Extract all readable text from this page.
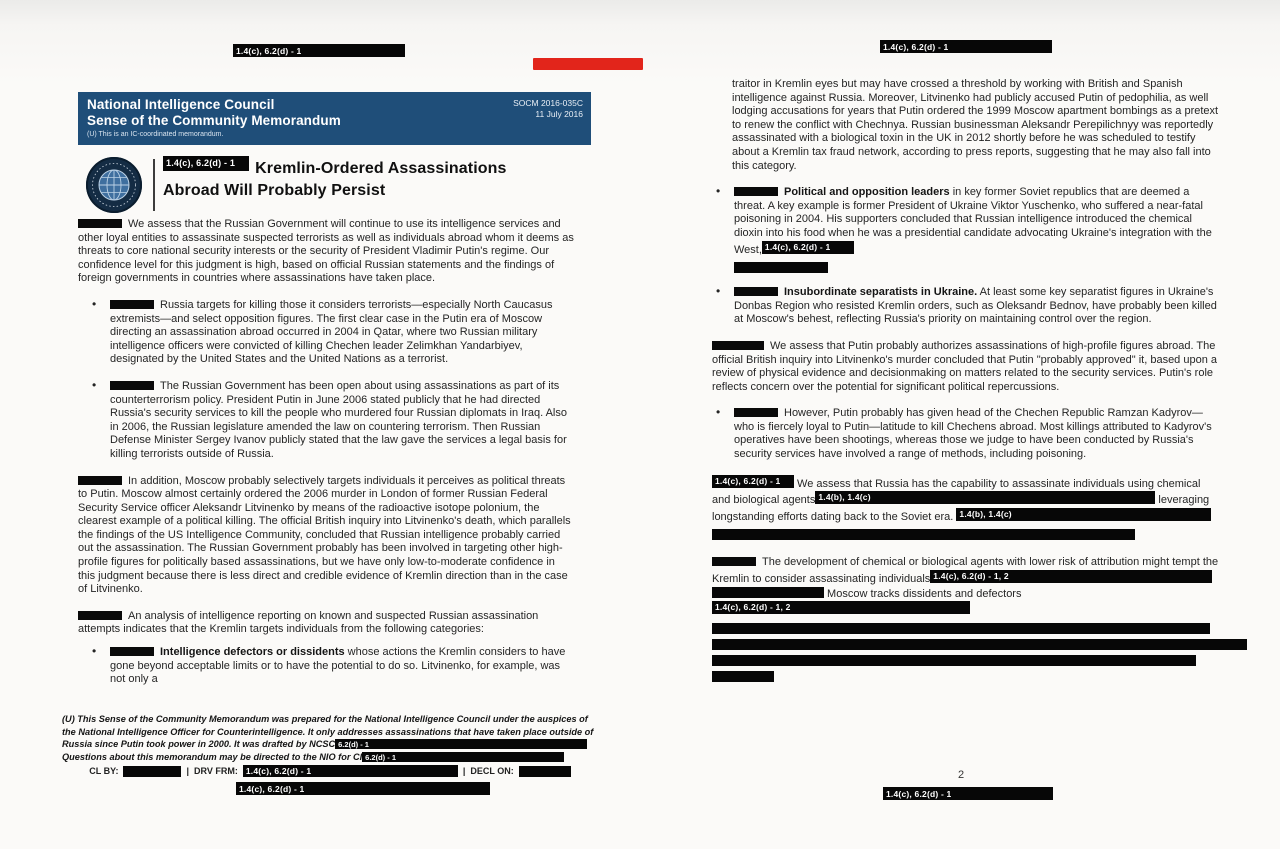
1.4(c), 6.2(d) - 1
National Intelligence Council
Sense of the Community Memorandum
(U) This is an IC-coordinated memorandum.
SOCM 2016-035C
11 July 2016
1.4(c), 6.2(d) - 1 Kremlin-Ordered Assassinations
Abroad Will Probably Persist

We assess that the Russian Government will continue to use its intelligence services and other loyal entities to assassinate suspected terrorists as well as individuals abroad whom it deems as threats to core national security interests or the security of President Vladimir Putin's regime. Our confidence level for this judgment is high, based on official Russian statements and the findings of foreign governments in countries where assassinations have taken place.

• Russia targets for killing those it considers terrorists—especially North Caucasus extremists—and select opposition figures. The first clear case in the Putin era of Moscow directing an assassination abroad occurred in 2004 in Qatar, where two Russian military intelligence officers were convicted of killing Chechen leader Zelimkhan Yandarbiyev, designated by the United States and the United Nations as a terrorist.
• The Russian Government has been open about using assassinations as part of its counterterrorism policy. President Putin in June 2006 stated publicly that he had directed Russia's security services to kill the people who murdered four Russian diplomats in Iraq. Also in 2006, the Russian legislature amended the law on countering terrorism. Then Russian Defense Minister Sergey Ivanov publicly stated that the law gave the services a legal basis for killing terrorists outside of Russia.

In addition, Moscow probably selectively targets individuals it perceives as political threats to Putin. Moscow almost certainly ordered the 2006 murder in London of former Russian Federal Security Service officer Aleksandr Litvinenko by means of the radioactive isotope polonium, the clearest example of a political killing. The official British inquiry into Litvinenko's death, which parallels the findings of the US Intelligence Community, concluded that Russian intelligence probably carried out the assassination. The Russian Government probably has been involved in targeting other high-profile figures for politically based assassinations, but we have only low-to-moderate confidence in this judgment because there is less direct and credible evidence of Kremlin direction than in the case of Litvinenko.

An analysis of intelligence reporting on known and suspected Russian assassination attempts indicates that the Kremlin targets individuals from the following categories:

• Intelligence defectors or dissidents whose actions the Kremlin considers to have gone beyond acceptable limits or to have the potential to do so. Litvinenko, for example, was not only a
(U) This Sense of the Community Memorandum was prepared for the National Intelligence Council under the auspices of the National Intelligence Officer for Counterintelligence. It only addresses assassinations that have taken place outside of Russia since Putin took power in 2000. It was drafted by NCSC 6.2(d) - 1 Questions about this memorandum may be directed to the NIO for CI 6.2(d) - 1
CL BY:	| DRV FRM: 1.4(c), 6.2(d) - 1	| DECL ON:
1.4(c), 6.2(d) - 1
1.4(c), 6.2(d) - 1

traitor in Kremlin eyes but may have crossed a threshold by working with British and Spanish intelligence against Russia. Moreover, Litvinenko had publicly accused Putin of pedophilia, as well lodging accusations for years that Putin ordered the 1999 Moscow apartment bombings as a pretext to renew the conflict with Chechnya. Russian businessman Aleksandr Perepilichnyy was reportedly assassinated with a biological toxin in the UK in 2012 shortly before he was scheduled to testify about a Kremlin tax fraud network, according to press reports, suggesting that he may also fall into this category.

• Political and opposition leaders in key former Soviet republics that are deemed a threat. A key example is former President of Ukraine Viktor Yuschenko, who suffered a near-fatal poisoning in 2004. His supporters concluded that Russian intelligence introduced the chemical dioxin into his food when he was a presidential candidate advocating Ukraine's integration with the West, 1.4(c), 6.2(d) - 1
• Insubordinate separatists in Ukraine. At least some key separatist figures in Ukraine's Donbas Region who resisted Kremlin orders, such as Oleksandr Bednov, have probably been killed at Moscow's behest, reflecting Russia's priority on maintaining control over the region.

We assess that Putin probably authorizes assassinations of high-profile figures abroad. The official British inquiry into Litvinenko's murder concluded that Putin "probably approved" it, based upon a review of physical evidence and decisionmaking on matters related to the security services. Putin's role reflects concern over the potential for significant political repercussions.

• However, Putin probably has given head of the Chechen Republic Ramzan Kadyrov—who is fiercely loyal to Putin—latitude to kill Chechens abroad. Most killings attributed to Kadyrov's operatives have been shootings, whereas those we judge to have been conducted by Russia's security services have involved a range of methods, including poisoning.

1.4(c), 6.2(d) - 1 We assess that Russia has the capability to assassinate individuals using chemical and biological agents 1.4(b), 1.4(c)	leveraging longstanding efforts dating back to the Soviet era. 1.4(b), 1.4(c)

The development of chemical or biological agents with lower risk of attribution might tempt the Kremlin to consider assassinating individuals 1.4(c), 6.2(d) - 1, 2  Moscow tracks dissidents and defectors 1.4(c), 6.2(d) - 1, 2

2
1.4(c), 6.2(d) - 1
